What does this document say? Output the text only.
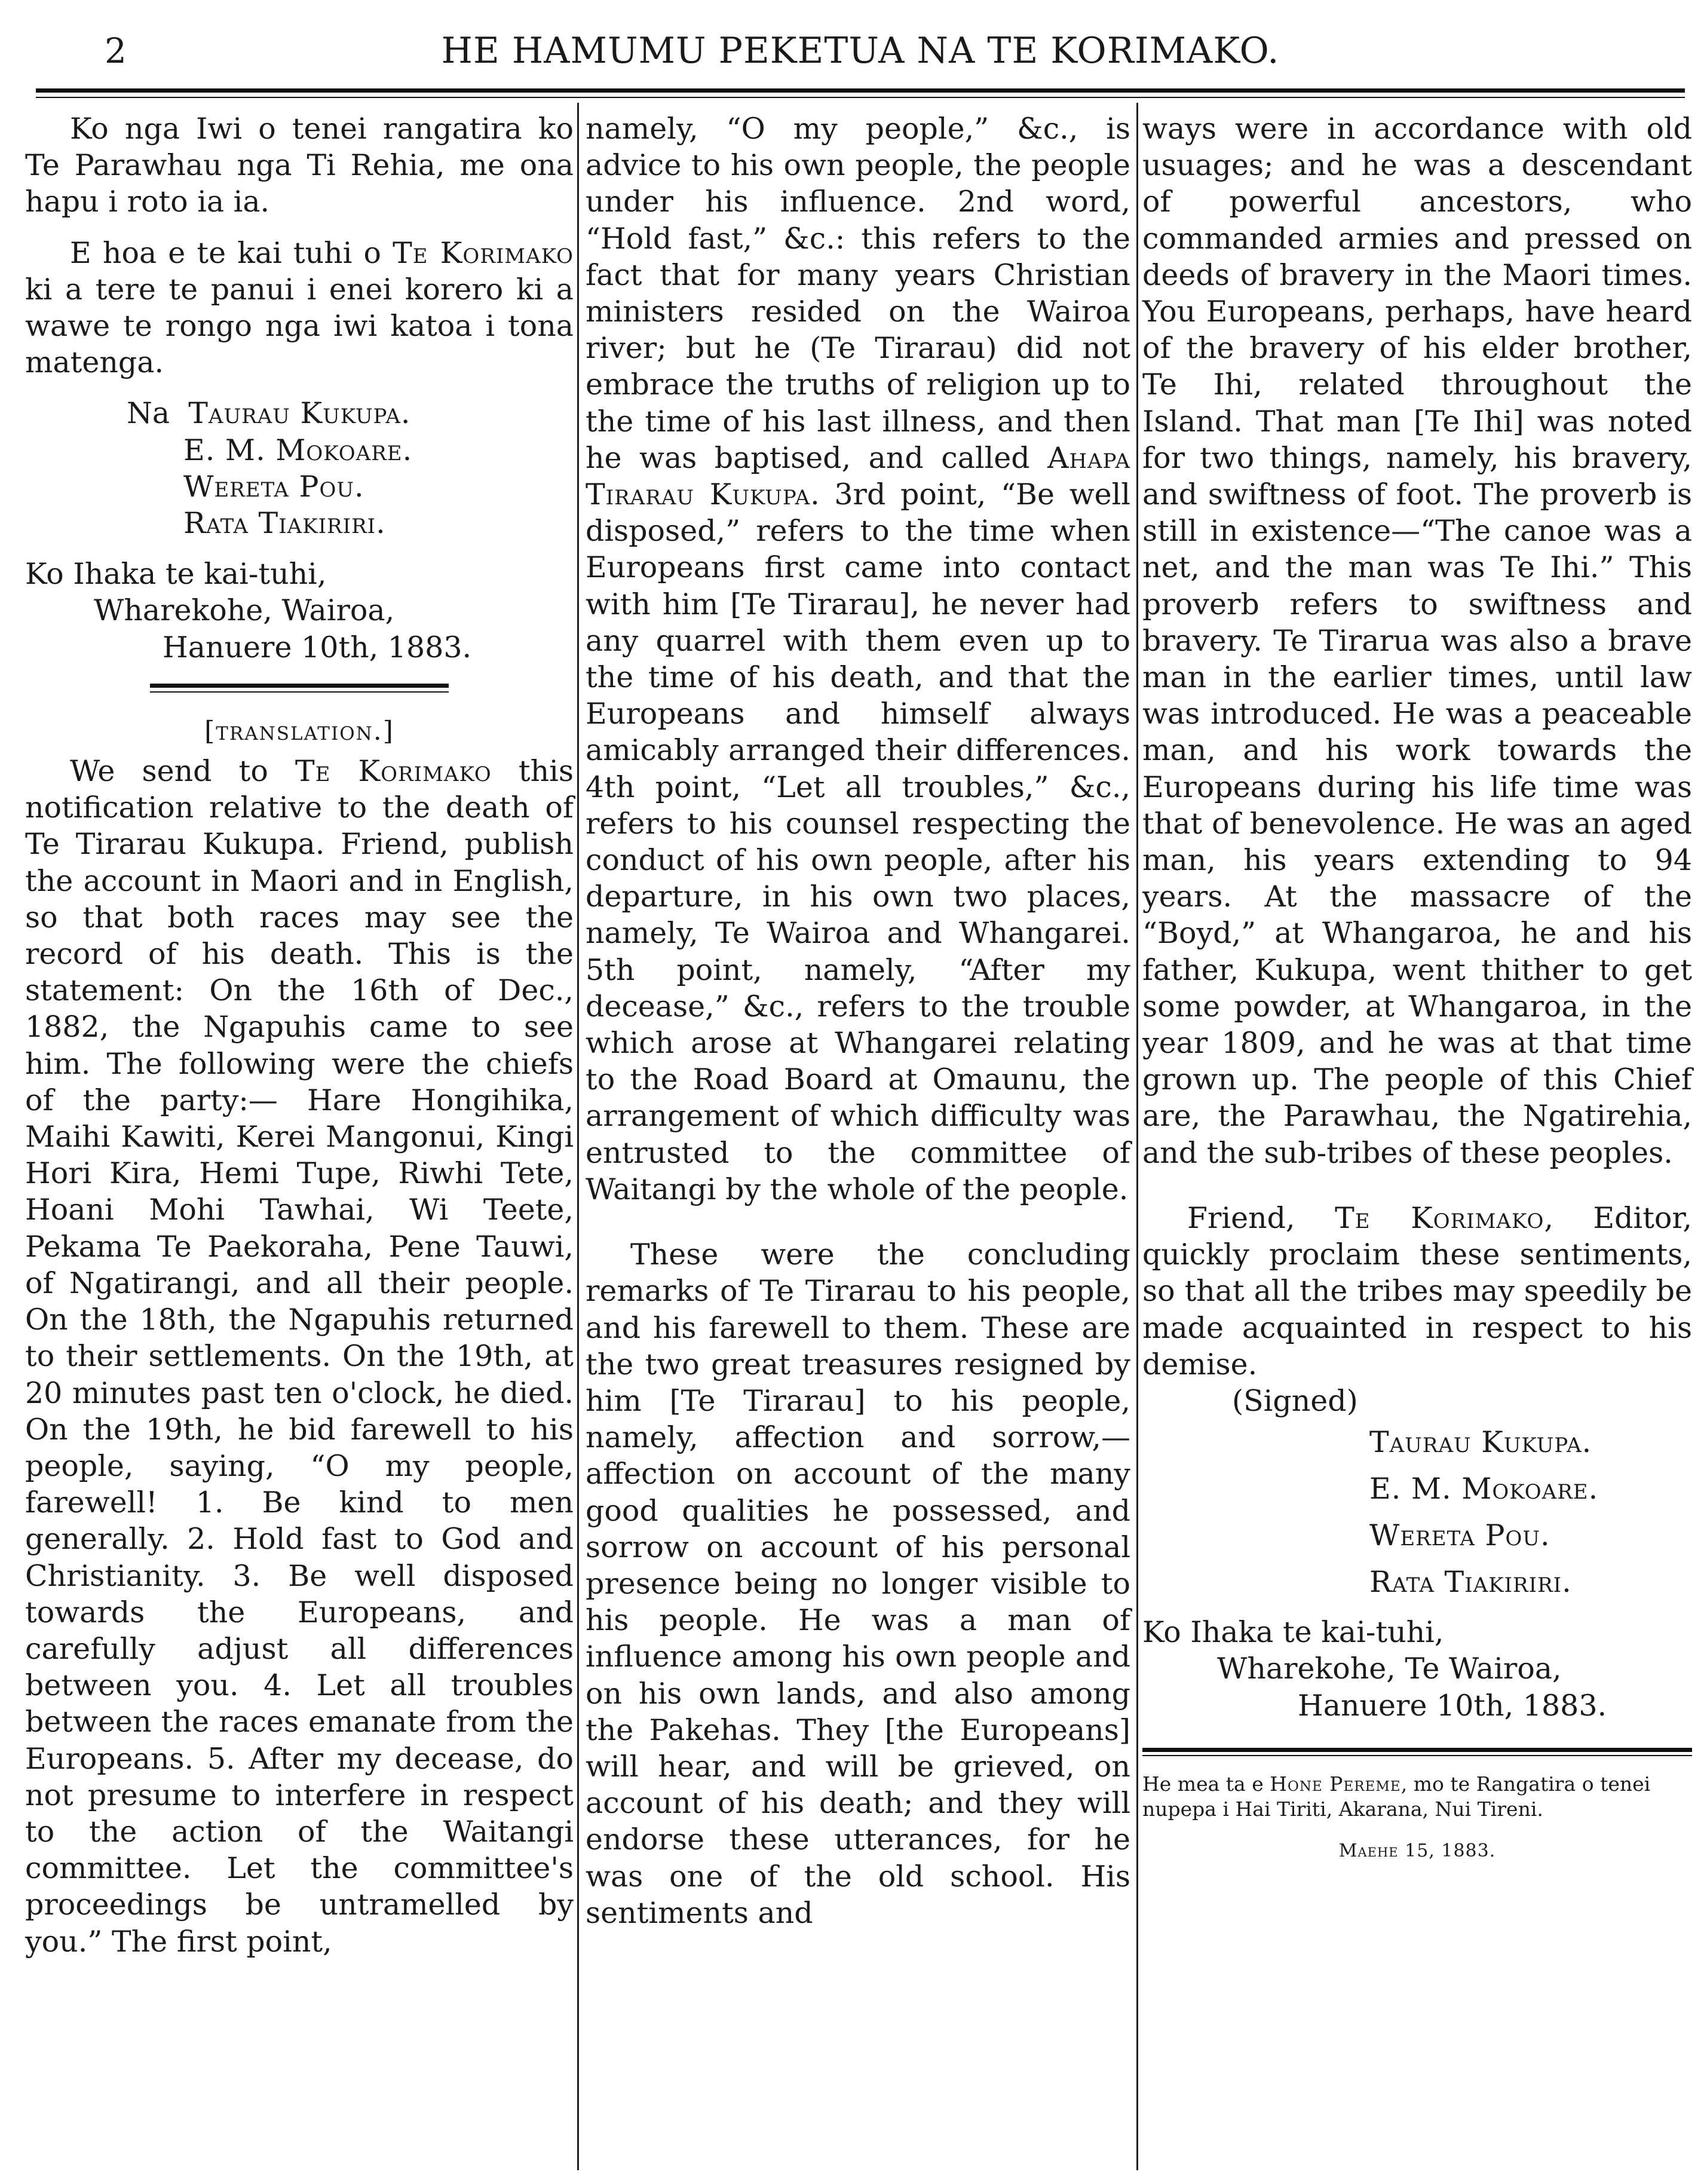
2	HE HAMUMU PEKETUA NA TE KORIMAKO.

Ko nga Iwi o tenei rangatira ko Te Parawhau nga Ti Rehia, me ona hapu i roto ia ia.

E hoa e te kai tuhi o Te Korimako ki a tere te panui i enei korero ki a wawe te rongo nga iwi katoa i tona matenga.

Na Taurau Kukupa.
E. M. Mokoare.
Wereta Pou.
Rata Tiakiriri.
Ko Ihaka te kai-tuhi,
Wharekohe, Wairoa,
Hanuere 10th, 1883.
[translation.]

We send to Te Korimako this notification relative to the death of Te Tirarau Kukupa. Friend, publish the account in Maori and in English, so that both races may see the record of his death. This is the statement: On the 16th of Dec., 1882, the Ngapuhis came to see him. The following were the chiefs of the party:— Hare Hongihika, Maihi Kawiti, Kerei Mangonui, Kingi Hori Kira, Hemi Tupe, Riwhi Tete, Hoani Mohi Tawhai, Wi Teete, Pekama Te Paekoraha, Pene Tauwi, of Ngatirangi, and all their people. On the 18th, the Ngapuhis returned to their settlements. On the 19th, at 20 minutes past ten o'clock, he died. On the 19th, he bid farewell to his people, saying, “O my people, farewell! 1. Be kind to men generally. 2. Hold fast to God and Christianity. 3. Be well disposed towards the Europeans, and carefully adjust all differences between you. 4. Let all troubles between the races emanate from the Europeans. 5. After my decease, do not presume to interfere in respect to the action of the Waitangi committee. Let the committee's proceedings be untramelled by you.” The first point,

namely, “O my people,” &c., is advice to his own people, the people under his influence. 2nd word, “Hold fast,” &c.: this refers to the fact that for many years Christian ministers resided on the Wairoa river; but he (Te Tirarau) did not embrace the truths of religion up to the time of his last illness, and then he was baptised, and called Ahapa Tirarau Kukupa. 3rd point, “Be well disposed,” refers to the time when Europeans first came into contact with him [Te Tirarau], he never had any quarrel with them even up to the time of his death, and that the Europeans and himself always amicably arranged their differences. 4th point, “Let all troubles,” &c., refers to his counsel respecting the conduct of his own people, after his departure, in his own two places, namely, Te Wairoa and Whangarei. 5th point, namely, “After my decease,” &c., refers to the trouble which arose at Whangarei relating to the Road Board at Omaunu, the arrangement of which difficulty was entrusted to the committee of Waitangi by the whole of the people.

These were the concluding remarks of Te Tirarau to his people, and his farewell to them. These are the two great treasures resigned by him [Te Tirarau] to his people, namely, affection and sorrow,—affection on account of the many good qualities he possessed, and sorrow on account of his personal presence being no longer visible to his people. He was a man of influence among his own people and on his own lands, and also among the Pakehas. They [the Europeans] will hear, and will be grieved, on account of his death; and they will endorse these utterances, for he was one of the old school. His sentiments and

ways were in accordance with old usuages; and he was a descendant of powerful ancestors, who commanded armies and pressed on deeds of bravery in the Maori times. You Europeans, perhaps, have heard of the bravery of his elder brother, Te Ihi, related throughout the Island. That man [Te Ihi] was noted for two things, namely, his bravery, and swiftness of foot. The proverb is still in existence—“The canoe was a net, and the man was Te Ihi.” This proverb refers to swiftness and bravery. Te Tirarua was also a brave man in the earlier times, until law was introduced. He was a peaceable man, and his work towards the Europeans during his life time was that of benevolence. He was an aged man, his years extending to 94 years. At the massacre of the “Boyd,” at Whangaroa, he and his father, Kukupa, went thither to get some powder, at Whangaroa, in the year 1809, and he was at that time grown up. The people of this Chief are, the Parawhau, the Ngatirehia, and the sub-tribes of these peoples.

Friend, Te Korimako, Editor, quickly proclaim these sentiments, so that all the tribes may speedily be made acquainted in respect to his demise.

(Signed)

Taurau Kukupa.
E. M. Mokoare.
Wereta Pou.
Rata Tiakiriri.
Ko Ihaka te kai-tuhi,
Wharekohe, Te Wairoa,
Hanuere 10th, 1883.
He mea ta e Hone Pereme, mo te Rangatira o tenei nupepa i Hai Tiriti, Akarana, Nui Tireni.
Maehe 15, 1883.
